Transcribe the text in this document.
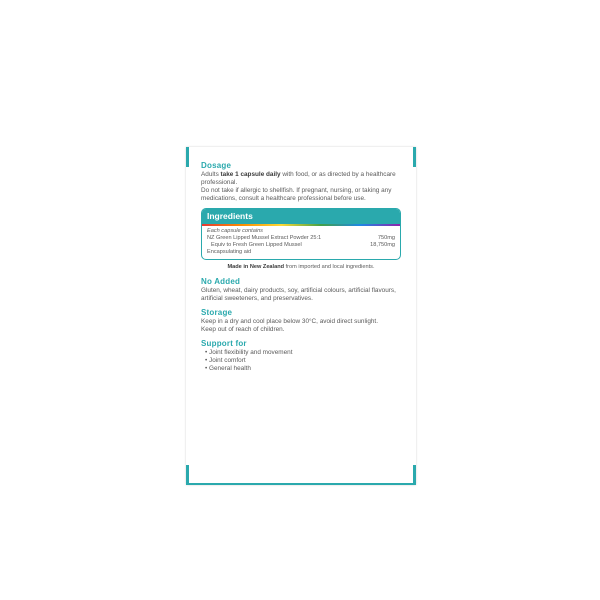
Dosage

Adults take 1 capsule daily with food, or as directed by a healthcare professional.

Do not take if allergic to shellfish. If pregnant, nursing, or taking any medications, consult a healthcare professional before use.

Ingredients
Each capsule contains
NZ Green Lipped Mussel Extract Powder 25:1	750mg
Equiv to Fresh Green Lipped Mussel	18,750mg
Encapsulating aid
Made in New Zealand from imported and local ingredients.
No Added

Gluten, wheat, dairy products, soy, artificial colours, artificial flavours, artificial sweeteners, and preservatives.

Storage

Keep in a dry and cool place below 30°C, avoid direct sunlight.

Keep out of reach of children.

Support for
• Joint flexibility and movement
• Joint comfort
• General health
